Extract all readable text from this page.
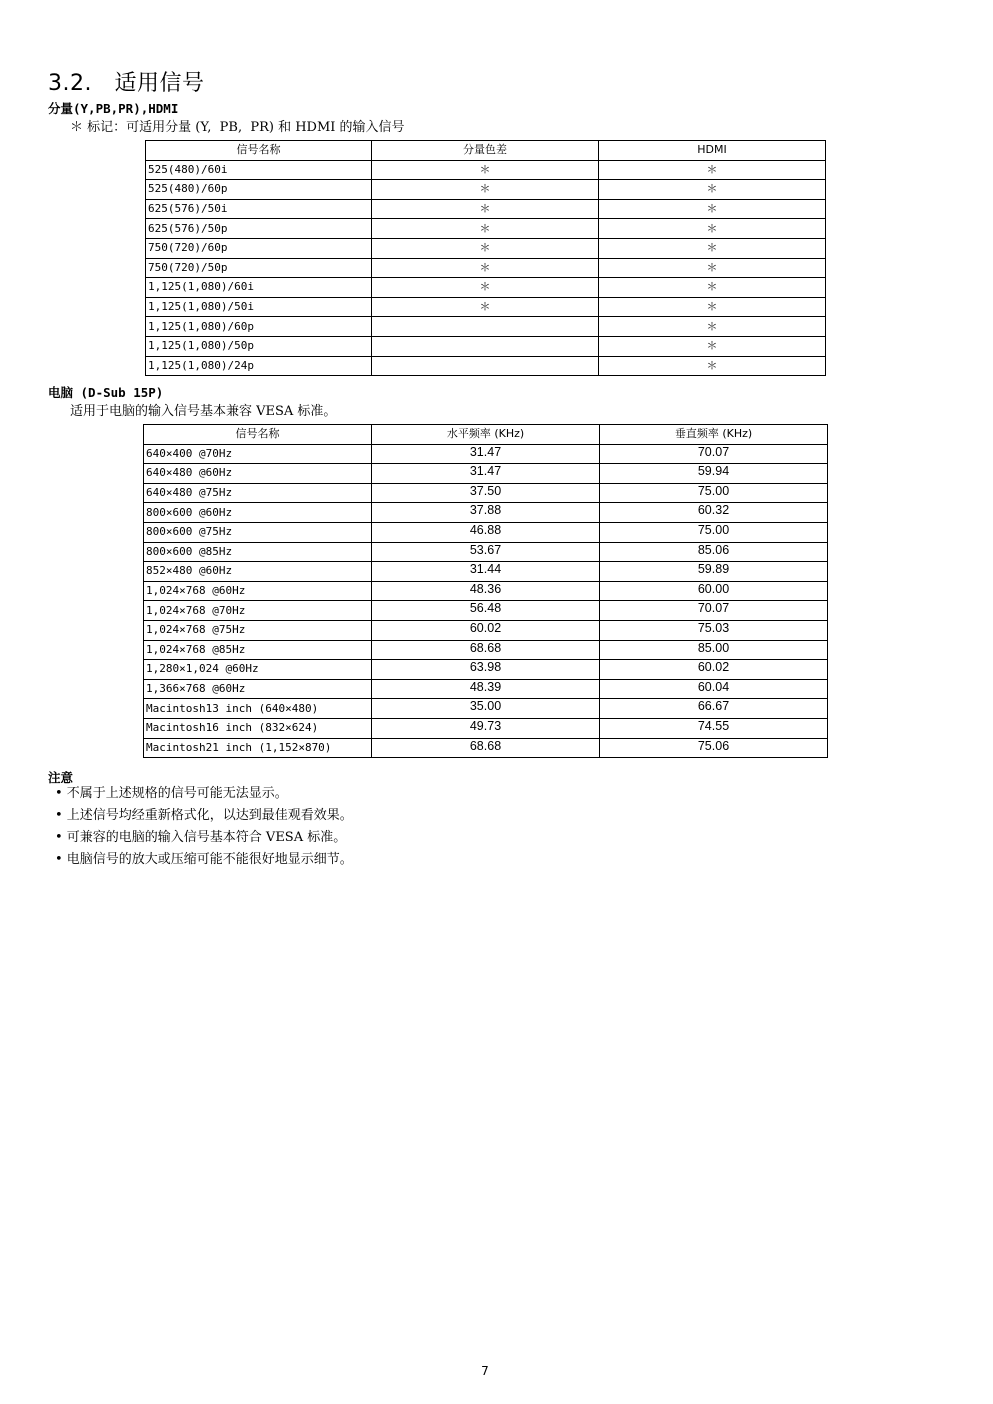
3.2. 适用信号
分量(Y,PB,PR),HDMI
＊ 标记：可适用分量 (Y,  PB,  PR) 和 HDMI 的输入信号
信号名称	分量色差	HDMI
525(480)/60i	＊	＊
525(480)/60p	＊	＊
625(576)/50i	＊	＊
625(576)/50p	＊	＊
750(720)/60p	＊	＊
750(720)/50p	＊	＊
1,125(1,080)/60i	＊	＊
1,125(1,080)/50i	＊	＊
1,125(1,080)/60p		＊
1,125(1,080)/50p		＊
1,125(1,080)/24p		＊
电脑 (D-Sub 15P)
适用于电脑的输入信号基本兼容 VESA 标准。
信号名称	水平频率 (KHz)	垂直频率 (KHz)
640×400 @70Hz	31.47	70.07
640×480 @60Hz	31.47	59.94
640×480 @75Hz	37.50	75.00
800×600 @60Hz	37.88	60.32
800×600 @75Hz	46.88	75.00
800×600 @85Hz	53.67	85.06
852×480 @60Hz	31.44	59.89
1,024×768 @60Hz	48.36	60.00
1,024×768 @70Hz	56.48	70.07
1,024×768 @75Hz	60.02	75.03
1,024×768 @85Hz	68.68	85.00
1,280×1,024 @60Hz	63.98	60.02
1,366×768 @60Hz	48.39	60.04
Macintosh13 inch (640×480)	35.00	66.67
Macintosh16 inch (832×624)	49.73	74.55
Macintosh21 inch (1,152×870)	68.68	75.06
注意
• 不属于上述规格的信号可能无法显示。
• 上述信号均经重新格式化，以达到最佳观看效果。
• 可兼容的电脑的输入信号基本符合 VESA 标准。
• 电脑信号的放大或压缩可能不能很好地显示细节。
7
